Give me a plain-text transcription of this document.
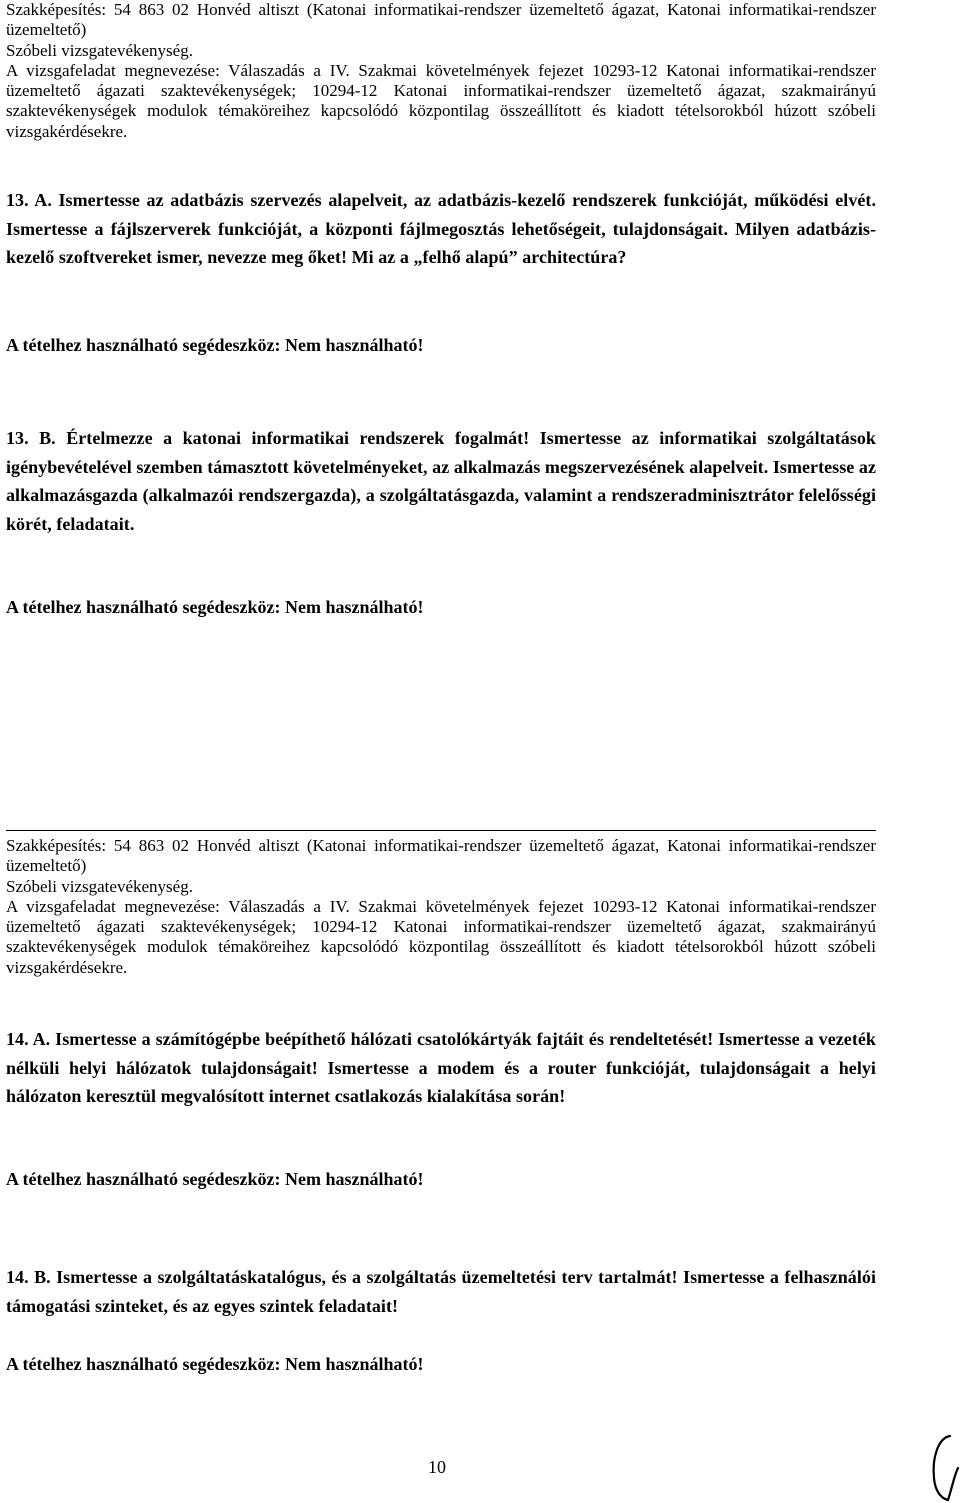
Szakképesítés: 54 863 02 Honvéd altiszt (Katonai informatikai-rendszer üzemeltető ágazat, Katonai informatikai-rendszer üzemeltető)

Szóbeli vizsgatevékenység.

A vizsgafeladat megnevezése: Válaszadás a IV. Szakmai követelmények fejezet 10293-12 Katonai informatikai-rendszer üzemeltető ágazati szaktevékenységek; 10294-12 Katonai informatikai-rendszer üzemeltető ágazat, szakmairányú szaktevékenységek modulok témaköreihez kapcsolódó központilag összeállított és kiadott tételsorokból húzott szóbeli vizsgakérdésekre.

13. A. Ismertesse az adatbázis szervezés alapelveit, az adatbázis-kezelő rendszerek funkcióját, működési elvét. Ismertesse a fájlszerverek funkcióját, a központi fájlmegosztás lehetőségeit, tulajdonságait. Milyen adatbázis-kezelő szoftvereket ismer, nevezze meg őket! Mi az a „felhő alapú” architectúra?

A tételhez használható segédeszköz: Nem használható!

13. B. Értelmezze a katonai informatikai rendszerek fogalmát! Ismertesse az informatikai szolgáltatások igénybevételével szemben támasztott követelményeket, az alkalmazás megszervezésének alapelveit. Ismertesse az alkalmazásgazda (alkalmazói rendszergazda), a szolgáltatásgazda, valamint a rendszeradminisztrátor felelősségi körét, feladatait.

A tételhez használható segédeszköz: Nem használható!

Szakképesítés: 54 863 02 Honvéd altiszt (Katonai informatikai-rendszer üzemeltető ágazat, Katonai informatikai-rendszer üzemeltető)

Szóbeli vizsgatevékenység.

A vizsgafeladat megnevezése: Válaszadás a IV. Szakmai követelmények fejezet 10293-12 Katonai informatikai-rendszer üzemeltető ágazati szaktevékenységek; 10294-12 Katonai informatikai-rendszer üzemeltető ágazat, szakmairányú szaktevékenységek modulok témaköreihez kapcsolódó központilag összeállított és kiadott tételsorokból húzott szóbeli vizsgakérdésekre.

14. A. Ismertesse a számítógépbe beépíthető hálózati csatolókártyák fajtáit és rendeltetését! Ismertesse a vezeték nélküli helyi hálózatok tulajdonságait! Ismertesse a modem és a router funkcióját, tulajdonságait a helyi hálózaton keresztül megvalósított internet csatlakozás kialakítása során!

A tételhez használható segédeszköz: Nem használható!

14. B. Ismertesse a szolgáltatáskatalógus, és a szolgáltatás üzemeltetési terv tartalmát! Ismertesse a felhasználói támogatási szinteket, és az egyes szintek feladatait!

A tételhez használható segédeszköz: Nem használható!

10
